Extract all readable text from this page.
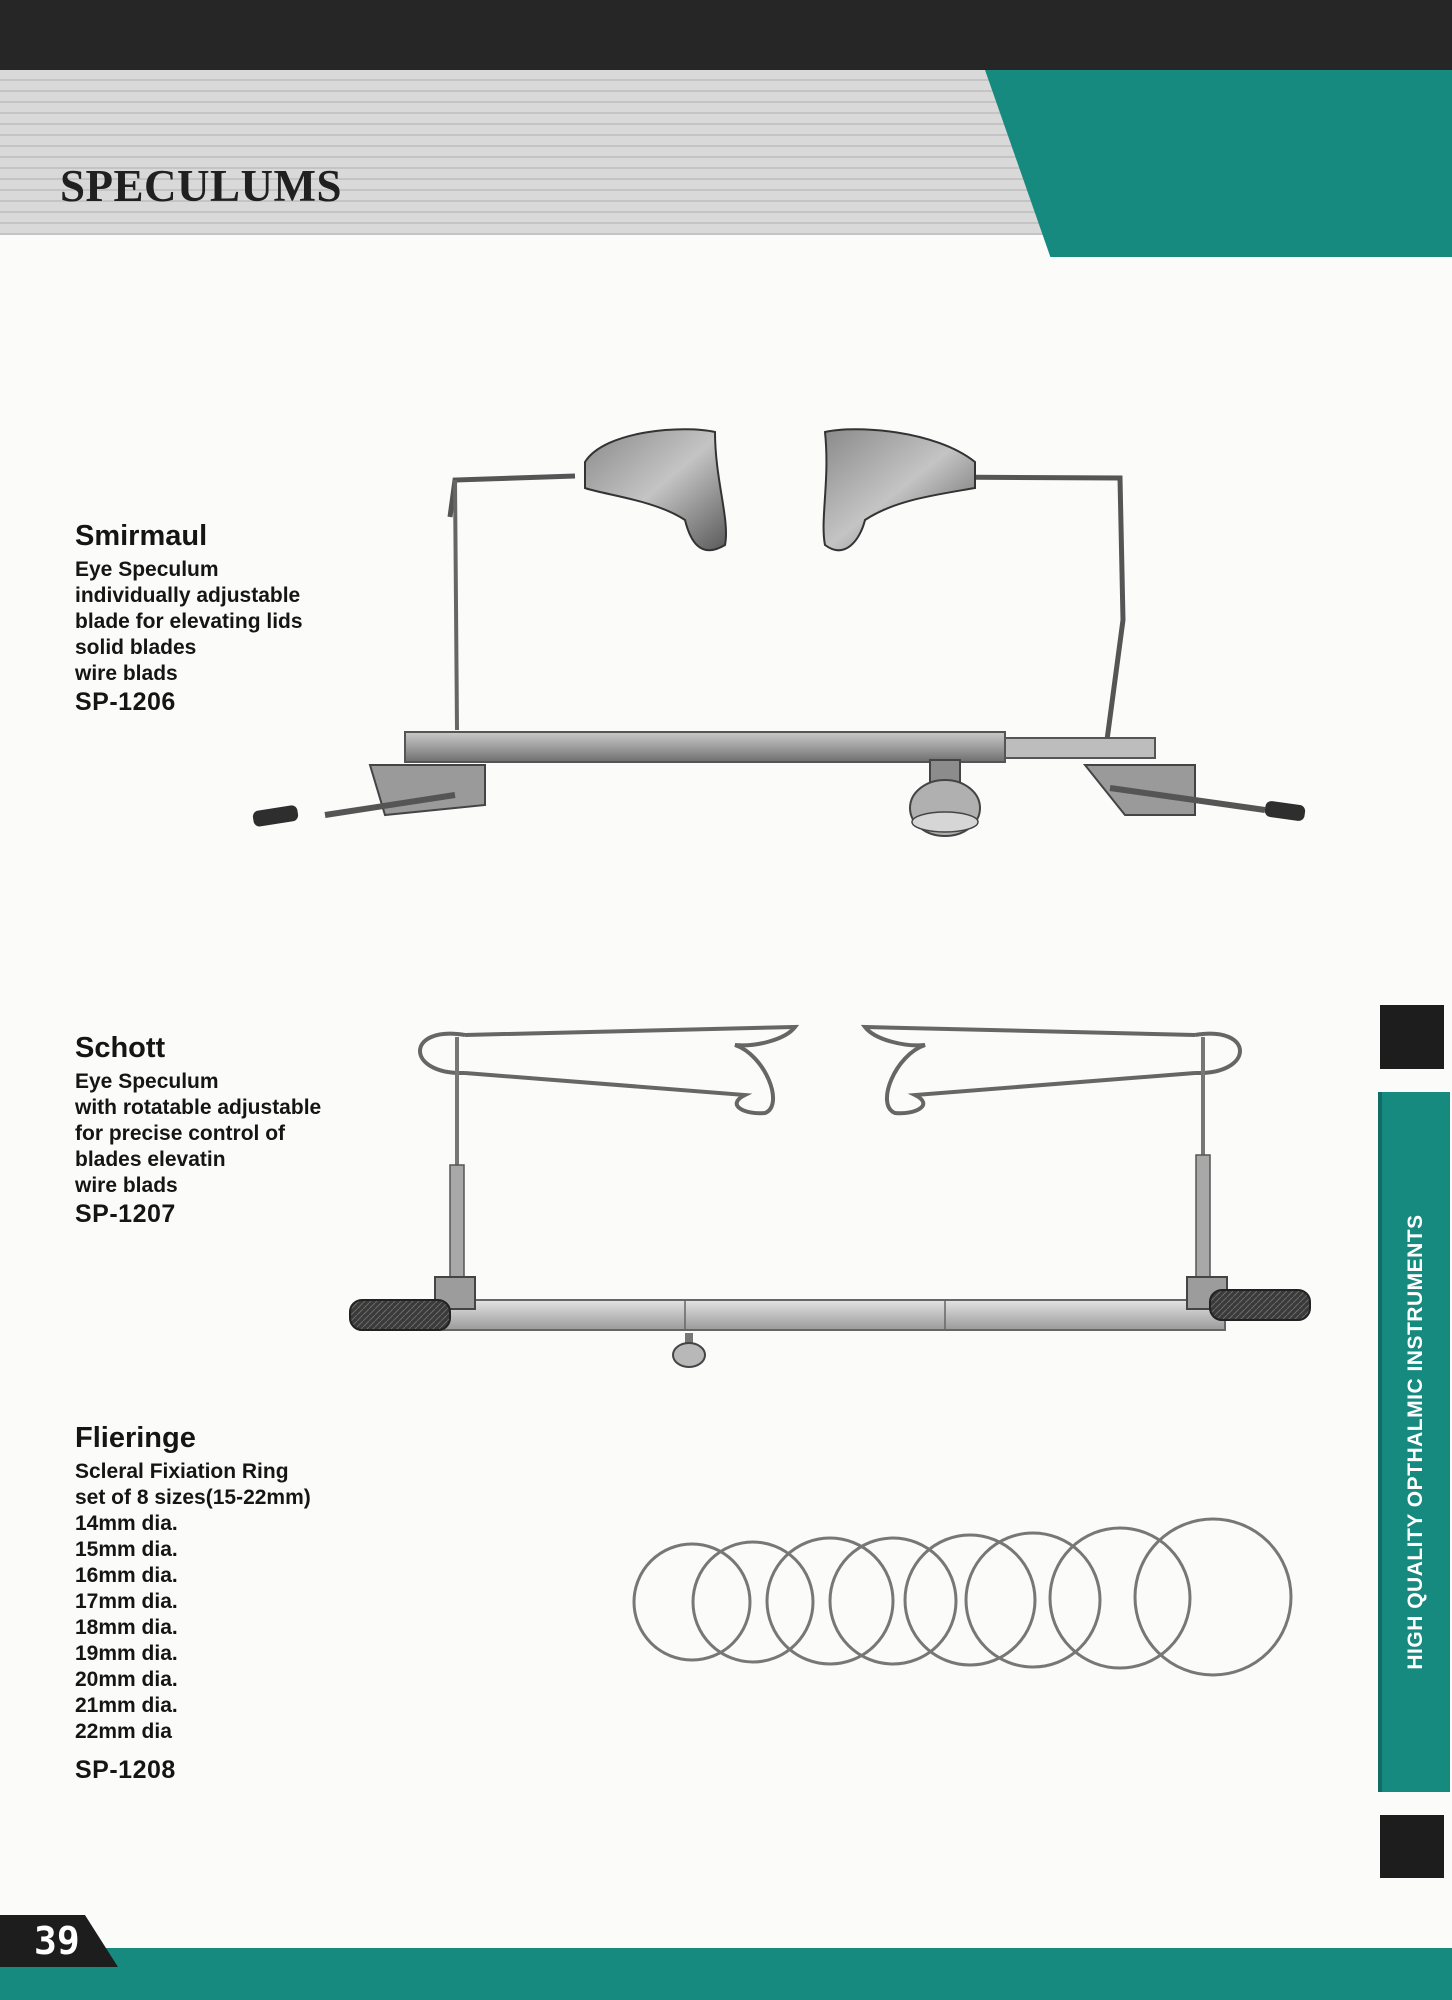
SPECULUMS
Smirmaul
Eye Speculum
individually adjustable
blade for elevating lids
solid blades
wire blads
SP-1206
Schott
Eye Speculum
with rotatable adjustable
for precise control of
blades elevatin
wire blads
SP-1207
Flieringe
Scleral Fixiation Ring
set of 8 sizes(15-22mm)
14mm dia.
15mm dia.
16mm dia.
17mm dia.
18mm dia.
19mm dia.
20mm dia.
21mm dia.
22mm dia
SP-1208
HIGH QUALITY OPTHALMIC INSTRUMENTS
39
